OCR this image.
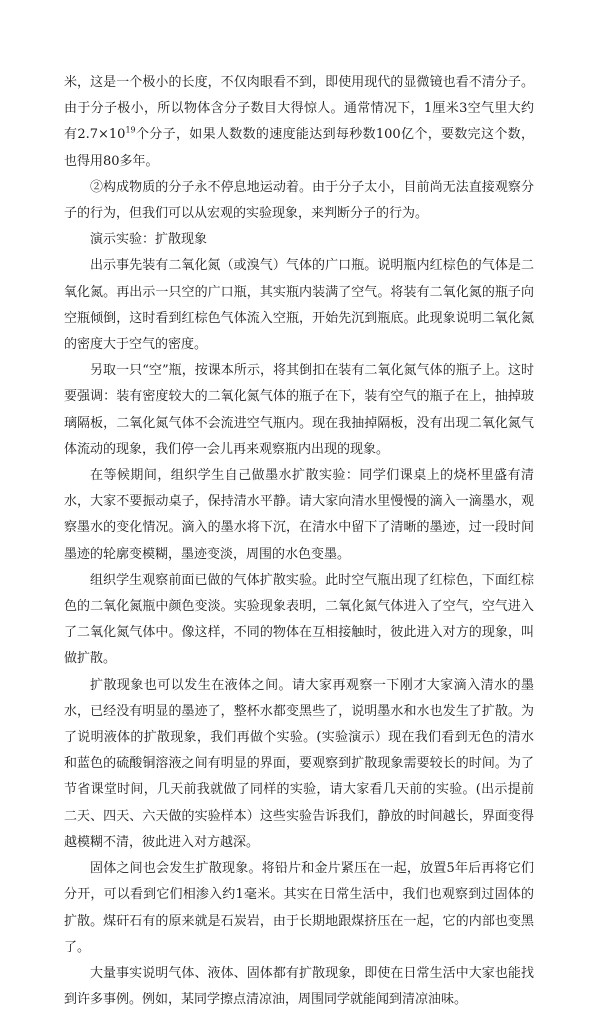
米，这是一个极小的长度，不仅肉眼看不到，即使用现代的显微镜也看不清分子。由于分子极小，所以物体含分子数目大得惊人。通常情况下，1厘米3空气里大约有$2.7\times 10^{19}$个分子，如果人数数的速度能达到每秒数100亿个，要数完这个数，也得用80多年。

②构成物质的分子永不停息地运动着。由于分子太小，目前尚无法直接观察分子的行为，但我们可以从宏观的实验现象，来判断分子的行为。

演示实验：扩散现象

出示事先装有二氧化氮（或溴气）气体的广口瓶。说明瓶内红棕色的气体是二氧化氮。再出示一只空的广口瓶，其实瓶内装满了空气。将装有二氧化氮的瓶子向空瓶倾倒，这时看到红棕色气体流入空瓶，开始先沉到瓶底。此现象说明二氧化氮的密度大于空气的密度。

另取一只“空”瓶，按课本所示，将其倒扣在装有二氧化氮气体的瓶子上。这时要强调：装有密度较大的二氧化氮气体的瓶子在下，装有空气的瓶子在上，抽掉玻璃隔板，二氧化氮气体不会流进空气瓶内。现在我抽掉隔板，没有出现二氧化氮气体流动的现象，我们停一会儿再来观察瓶内出现的现象。

在等候期间，组织学生自己做墨水扩散实验：同学们课桌上的烧杯里盛有清水，大家不要振动桌子，保持清水平静。请大家向清水里慢慢的滴入一滴墨水，观察墨水的变化情况。滴入的墨水将下沉，在清水中留下了清晰的墨迹，过一段时间墨迹的轮廓变模糊，墨迹变淡，周围的水色变墨。

组织学生观察前面已做的气体扩散实验。此时空气瓶出现了红棕色，下面红棕色的二氧化氮瓶中颜色变淡。实验现象表明，二氧化氮气体进入了空气，空气进入了二氧化氮气体中。像这样，不同的物体在互相接触时，彼此进入对方的现象，叫做扩散。

扩散现象也可以发生在液体之间。请大家再观察一下刚才大家滴入清水的墨水，已经没有明显的墨迹了，整杯水都变黑些了，说明墨水和水也发生了扩散。为了说明液体的扩散现象，我们再做个实验。(实验演示）现在我们看到无色的清水和蓝色的硫酸铜溶液之间有明显的界面，要观察到扩散现象需要较长的时间。为了节省课堂时间，几天前我就做了同样的实验，请大家看几天前的实验。(出示提前二天、四天、六天做的实验样本）这些实验告诉我们，静放的时间越长，界面变得越模糊不清，彼此进入对方越深。

固体之间也会发生扩散现象。将铅片和金片紧压在一起，放置5年后再将它们分开，可以看到它们相渗入约1毫米。其实在日常生活中，我们也观察到过固体的扩散。煤矸石有的原来就是石炭岩，由于长期地跟煤挤压在一起，它的内部也变黑了。

大量事实说明气体、液体、固体都有扩散现象，即使在日常生活中大家也能找到许多事例。例如，某同学擦点清凉油，周围同学就能闻到清凉油味。
